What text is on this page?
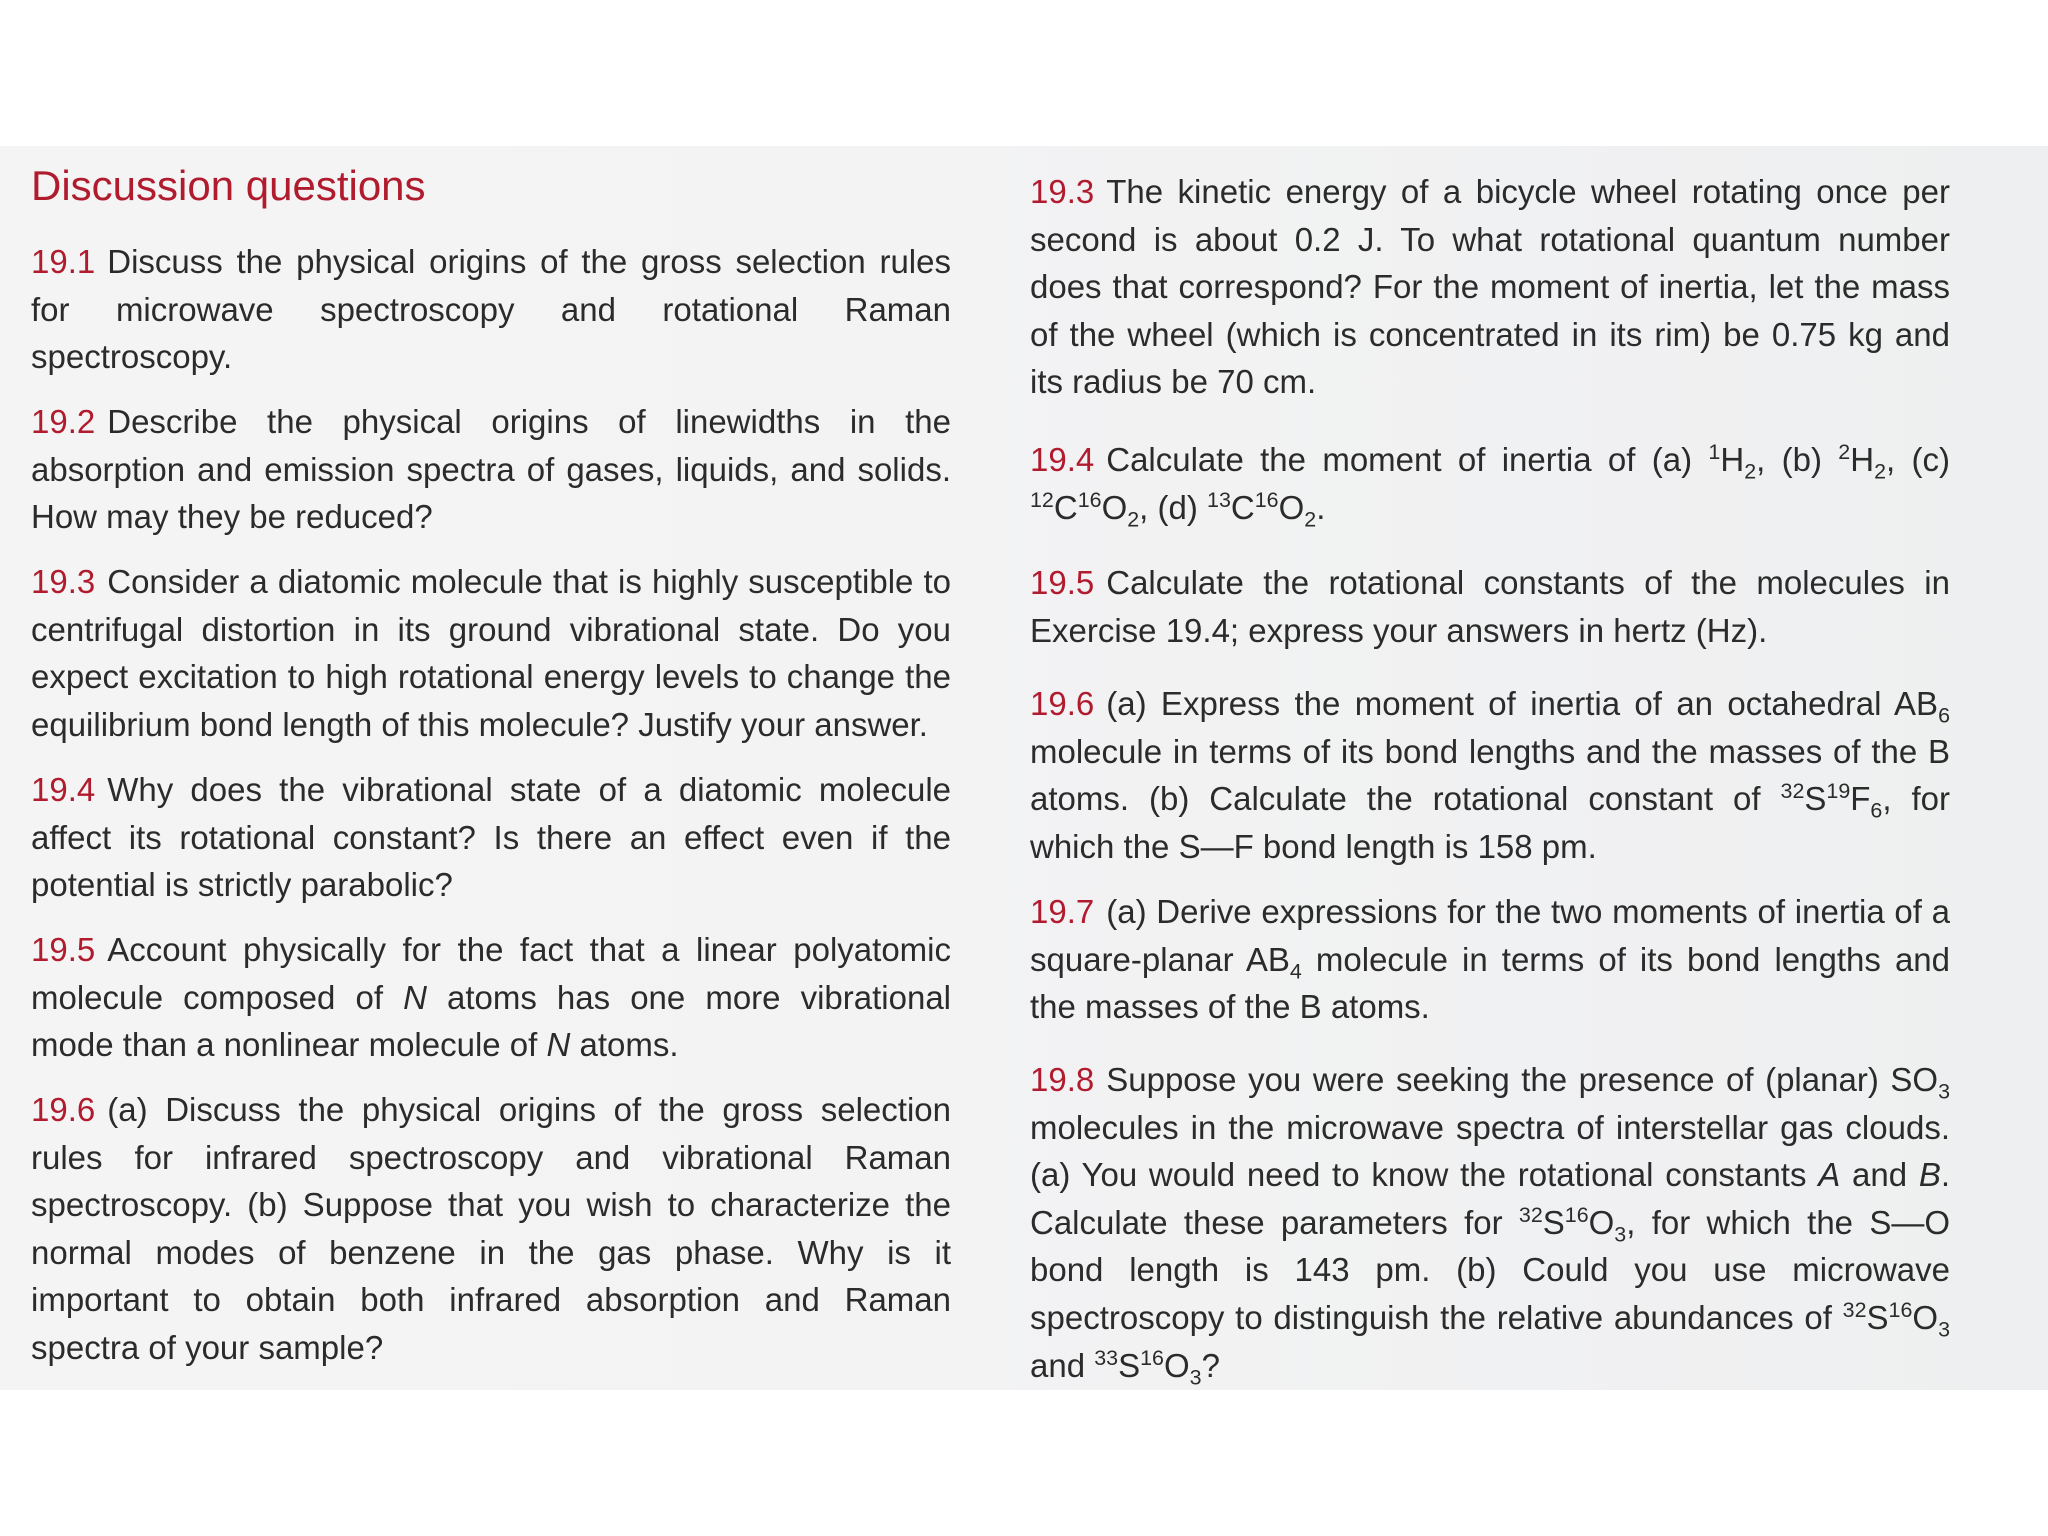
Discussion questions

19.1 Discuss the physical origins of the gross selection rules for microwave spectroscopy and rotational Raman spectroscopy.

19.2 Describe the physical origins of linewidths in the absorption and emission spectra of gases, liquids, and solids. How may they be reduced?

19.3 Consider a diatomic molecule that is highly susceptible to centrifugal distortion in its ground vibrational state. Do you expect excitation to high rotational energy levels to change the equilibrium bond length of this molecule? Justify your answer.

19.4 Why does the vibrational state of a diatomic molecule affect its rotational constant? Is there an effect even if the potential is strictly parabolic?

19.5 Account physically for the fact that a linear polyatomic molecule composed of N atoms has one more vibrational mode than a nonlinear molecule of N atoms.

19.6 (a) Discuss the physical origins of the gross selection rules for infrared spectroscopy and vibrational Raman spectroscopy. (b) Suppose that you wish to characterize the normal modes of benzene in the gas phase. Why is it important to obtain both infrared absorption and Raman spectra of your sample?

19.3 The kinetic energy of a bicycle wheel rotating once per second is about 0.2 J. To what rotational quantum number does that correspond? For the moment of inertia, let the mass of the wheel (which is concentrated in its rim) be 0.75 kg and its radius be 70 cm.

19.4 Calculate the moment of inertia of (a) $^1H_2$, (b) $^2H_2$, (c) $^{12}C^{16}O_2$, (d) $^{13}C^{16}O_2$.

19.5 Calculate the rotational constants of the molecules in Exercise 19.4; express your answers in hertz (Hz).

19.6 (a) Express the moment of inertia of an octahedral $AB_6$ molecule in terms of its bond lengths and the masses of the B atoms. (b) Calculate the rotational constant of $^{32}S^{19}F_6$, for which the S—F bond length is 158 pm.

19.7 (a) Derive expressions for the two moments of inertia of a square-planar $AB_4$ molecule in terms of its bond lengths and the masses of the B atoms.

19.8 Suppose you were seeking the presence of (planar) $SO_3$ molecules in the microwave spectra of interstellar gas clouds. (a) You would need to know the rotational constants A and B. Calculate these parameters for $^{32}S^{16}O_3$, for which the S—O bond length is 143 pm. (b) Could you use microwave spectroscopy to distinguish the relative abundances of $^{32}S^{16}O_3$ and $^{33}S^{16}O_3$?
